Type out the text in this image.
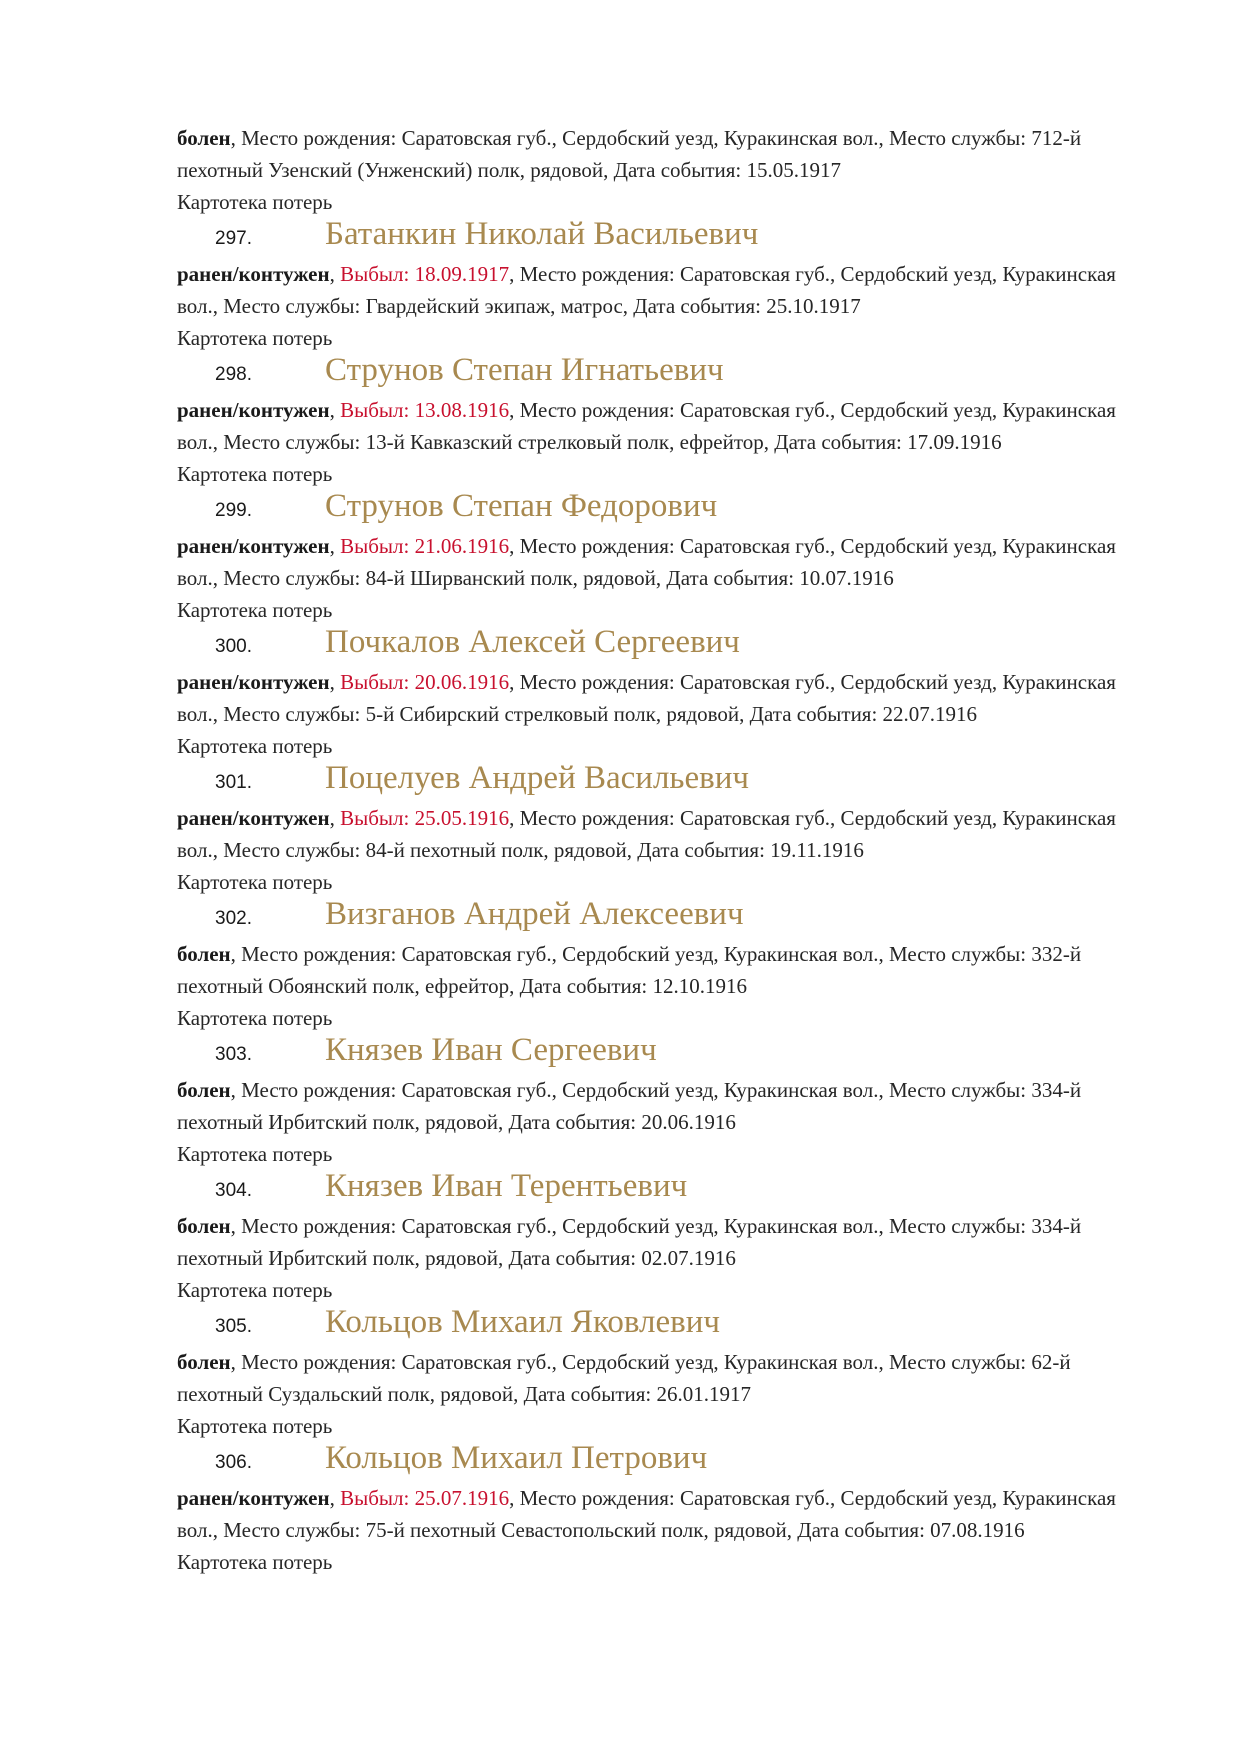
болен, Место рождения: Саратовская губ., Сердобский уезд, Куракинская вол., Место службы: 712-й пехотный Узенский (Унженский) полк, рядовой, Дата события: 15.05.1917

Картотека потерь

297.	Батанкин Николай Васильевич

ранен/контужен, Выбыл: 18.09.1917, Место рождения: Саратовская губ., Сердобский уезд, Куракинская вол., Место службы: Гвардейский экипаж, матрос, Дата события: 25.10.1917

Картотека потерь

298.	Струнов Степан Игнатьевич

ранен/контужен, Выбыл: 13.08.1916, Место рождения: Саратовская губ., Сердобский уезд, Куракинская вол., Место службы: 13-й Кавказский стрелковый полк, ефрейтор, Дата события: 17.09.1916

Картотека потерь

299.	Струнов Степан Федорович

ранен/контужен, Выбыл: 21.06.1916, Место рождения: Саратовская губ., Сердобский уезд, Куракинская вол., Место службы: 84-й Ширванский полк, рядовой, Дата события: 10.07.1916

Картотека потерь

300.	Почкалов Алексей Сергеевич

ранен/контужен, Выбыл: 20.06.1916, Место рождения: Саратовская губ., Сердобский уезд, Куракинская вол., Место службы: 5-й Сибирский стрелковый полк, рядовой, Дата события: 22.07.1916

Картотека потерь

301.	Поцелуев Андрей Васильевич

ранен/контужен, Выбыл: 25.05.1916, Место рождения: Саратовская губ., Сердобский уезд, Куракинская вол., Место службы: 84-й пехотный полк, рядовой, Дата события: 19.11.1916

Картотека потерь

302.	Визганов Андрей Алексеевич

болен, Место рождения: Саратовская губ., Сердобский уезд, Куракинская вол., Место службы: 332-й пехотный Обоянский полк, ефрейтор, Дата события: 12.10.1916

Картотека потерь

303.	Князев Иван Сергеевич

болен, Место рождения: Саратовская губ., Сердобский уезд, Куракинская вол., Место службы: 334-й пехотный Ирбитский полк, рядовой, Дата события: 20.06.1916

Картотека потерь

304.	Князев Иван Терентьевич

болен, Место рождения: Саратовская губ., Сердобский уезд, Куракинская вол., Место службы: 334-й пехотный Ирбитский полк, рядовой, Дата события: 02.07.1916

Картотека потерь

305.	Кольцов Михаил Яковлевич

болен, Место рождения: Саратовская губ., Сердобский уезд, Куракинская вол., Место службы: 62-й пехотный Суздальский полк, рядовой, Дата события: 26.01.1917

Картотека потерь

306.	Кольцов Михаил Петрович

ранен/контужен, Выбыл: 25.07.1916, Место рождения: Саратовская губ., Сердобский уезд, Куракинская вол., Место службы: 75-й пехотный Севастопольский полк, рядовой, Дата события: 07.08.1916

Картотека потерь
